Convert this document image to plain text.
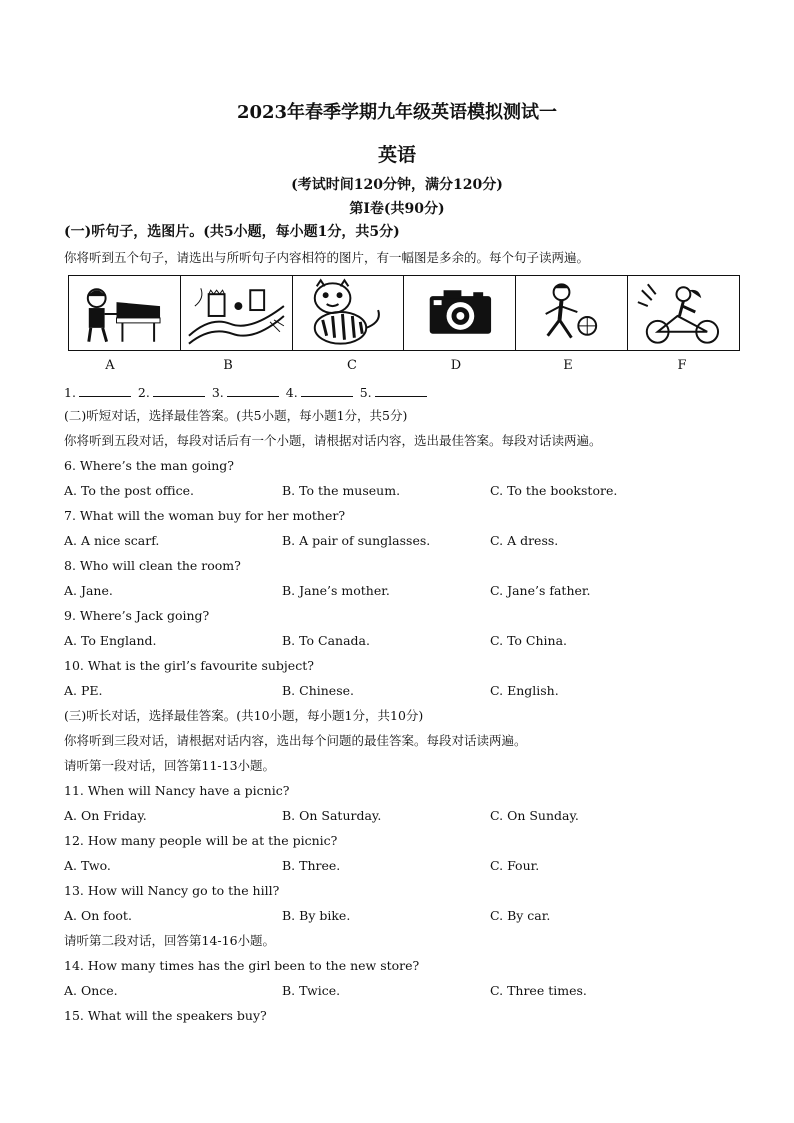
2023年春季学期九年级英语模拟测试一
英语
(考试时间120分钟，满分120分)
第Ⅰ卷(共90分)
(一)听句子，选图片。(共5小题，每小题1分，共5分)
你将听到五个句子，请选出与所听句子内容相符的图片，有一幅图是多余的。每个句子读两遍。
A	B	C	D	E	F
1.	2.	3.	4.	5.
(二)听短对话，选择最佳答案。(共5小题，每小题1分，共5分)
你将听到五段对话，每段对话后有一个小题，请根据对话内容，选出最佳答案。每段对话读两遍。
6. Where’s the man going?
A. To the post office.	B. To the museum.	C. To the bookstore.
7. What will the woman buy for her mother?
A. A nice scarf.	B. A pair of sunglasses.	C. A dress.
8. Who will clean the room?
A. Jane.	B. Jane’s mother.	C. Jane’s father.
9. Where’s Jack going?
A. To England.	B. To Canada.	C. To China.
10. What is the girl’s favourite subject?
A. PE.	B. Chinese.	C. English.
(三)听长对话，选择最佳答案。(共10小题，每小题1分，共10分)
你将听到三段对话，请根据对话内容，选出每个问题的最佳答案。每段对话读两遍。
请听第一段对话，回答第11-13小题。
11. When will Nancy have a picnic?
A. On Friday.	B. On Saturday.	C. On Sunday.
12. How many people will be at the picnic?
A. Two.	B. Three.	C. Four.
13. How will Nancy go to the hill?
A. On foot.	B. By bike.	C. By car.
请听第二段对话，回答第14-16小题。
14. How many times has the girl been to the new store?
A. Once.	B. Twice.	C. Three times.
15. What will the speakers buy?
